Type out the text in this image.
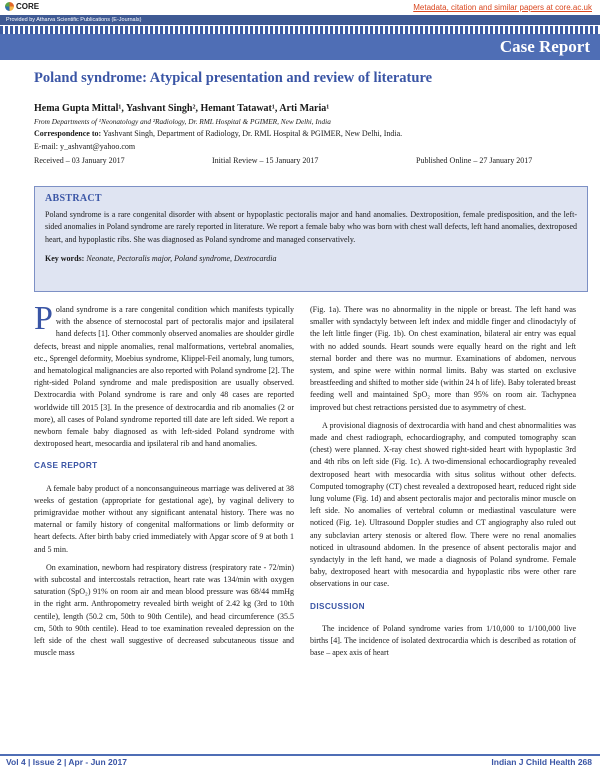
CORE	Metadata, citation and similar papers at core.ac.uk
Provided by Atharva Scientific Publications (E-Journals)
Case Report
Poland syndrome: Atypical presentation and review of literature
Hema Gupta Mittal¹, Yashvant Singh², Hemant Tatawat¹, Arti Maria¹
From Departments of ¹Neonatology and ²Radiology, Dr. RML Hospital & PGIMER, New Delhi, India
Correspondence to: Yashvant Singh, Department of Radiology, Dr. RML Hospital & PGIMER, New Delhi, India.
E-mail: y_ashvant@yahoo.com
Received – 03 January 2017	Initial Review – 15 January 2017	Published Online – 27 January 2017
ABSTRACT
Poland syndrome is a rare congenital disorder with absent or hypoplastic pectoralis major and hand anomalies. Dextroposition, female predisposition, and the left-sided anomalies in Poland syndrome are rarely reported in literature. We report a female baby who was born with chest wall defects, left hand anomalies, dextroposed heart, and hypoplastic ribs. She was diagnosed as Poland syndrome and managed conservatively.
Key words: Neonate, Pectoralis major, Poland syndrome, Dextrocardia

Poland syndrome is a rare congenital condition which manifests typically with the absence of sternocostal part of pectoralis major and ipsilateral hand defects [1]. Other commonly observed anomalies are shoulder girdle defects, breast and nipple anomalies, renal malformations, vertebral anomalies, etc., Sprengel deformity, Moebius syndrome, Klippel-Feil anomaly, lung tumors, and hematological malignancies are also reported with Poland syndrome [2]. The right-sided Poland syndrome and male predisposition are usually observed. Dextrocardia with Poland syndrome is rare and only 48 cases are reported worldwide till 2015 [3]. In the presence of dextrocardia and rib anomalies (2 or more), all cases of Poland syndrome reported till date are left sided. We report a newborn female baby diagnosed as with left-sided Poland syndrome with dextroposed heart, mesocardia and ipsilateral rib and hand anomalies.

CASE REPORT

A female baby product of a nonconsanguineous marriage was delivered at 38 weeks of gestation (appropriate for gestational age), by vaginal delivery to primigravidae mother without any significant antenatal history. There was no maternal or family history of congenital malformations or limb deformity or heart defects. After birth baby cried immediately with Apgar score of 9 at both 1 and 5 min.

On examination, newborn had respiratory distress (respiratory rate - 72/min) with subcostal and intercostals retraction, heart rate was 134/min with oxygen saturation (SpO₂) 91% on room air and mean blood pressure was 68/44 mmHg in the right arm. Anthropometry revealed birth weight of 2.42 kg (3rd to 10th centile), length (50.2 cm, 50th to 90th Centile), and head circumference (35.5 cm, 50th to 90th centile). Head to toe examination revealed depression on the left side of the chest wall suggestive of decreased subcutaneous tissue and muscle mass

(Fig. 1a). There was no abnormality in the nipple or breast. The left hand was smaller with syndactyly between left index and middle finger and clinodactyly of the left little finger (Fig. 1b). On chest examination, bilateral air entry was equal with no added sounds. Heart sounds were equally heard on the right and left sternal border and there was no murmur. Examinations of abdomen, nervous system, and spine were within normal limits. Baby was started on exclusive breastfeeding and shifted to mother side (within 24 h of life). Baby tolerated breast feeding well and maintained SpO₂ more than 95% on room air. Tachypnea improved but chest retractions persisted due to asymmetry of chest.

A provisional diagnosis of dextrocardia with hand and chest abnormalities was made and chest radiograph, echocardiography, and computed tomography scan (chest) were planned. X-ray chest showed right-sided heart with hypoplastic 3rd and 4th ribs on left side (Fig. 1c). A two-dimensional echocardiography revealed dextroposed heart with mesocardia with situs solitus without other defects. Computed tomography (CT) chest revealed a dextroposed heart, reduced right side lung volume (Fig. 1d) and absent pectoralis major and pectoralis minor muscle on left side. No anomalies of vertebral column or mediastinal vasculature were noticed (Fig. 1e). Ultrasound Doppler studies and CT angiography also ruled out any subclavian artery stenosis or altered flow. There were no renal anomalies noticed in ultrasound abdomen. In the presence of absent pectoralis major and syndactyly in the left hand, we made a diagnosis of Poland syndrome. Female baby, dextroposed heart with mesocardia and hypoplastic ribs were other rare observations in our case.

DISCUSSION

The incidence of Poland syndrome varies from 1/10,000 to 1/100,000 live births [4]. The incidence of isolated dextrocardia which is described as rotation of base – apex axis of heart

Vol 4 | Issue 2 | Apr - Jun 2017	Indian J Child Health 268
